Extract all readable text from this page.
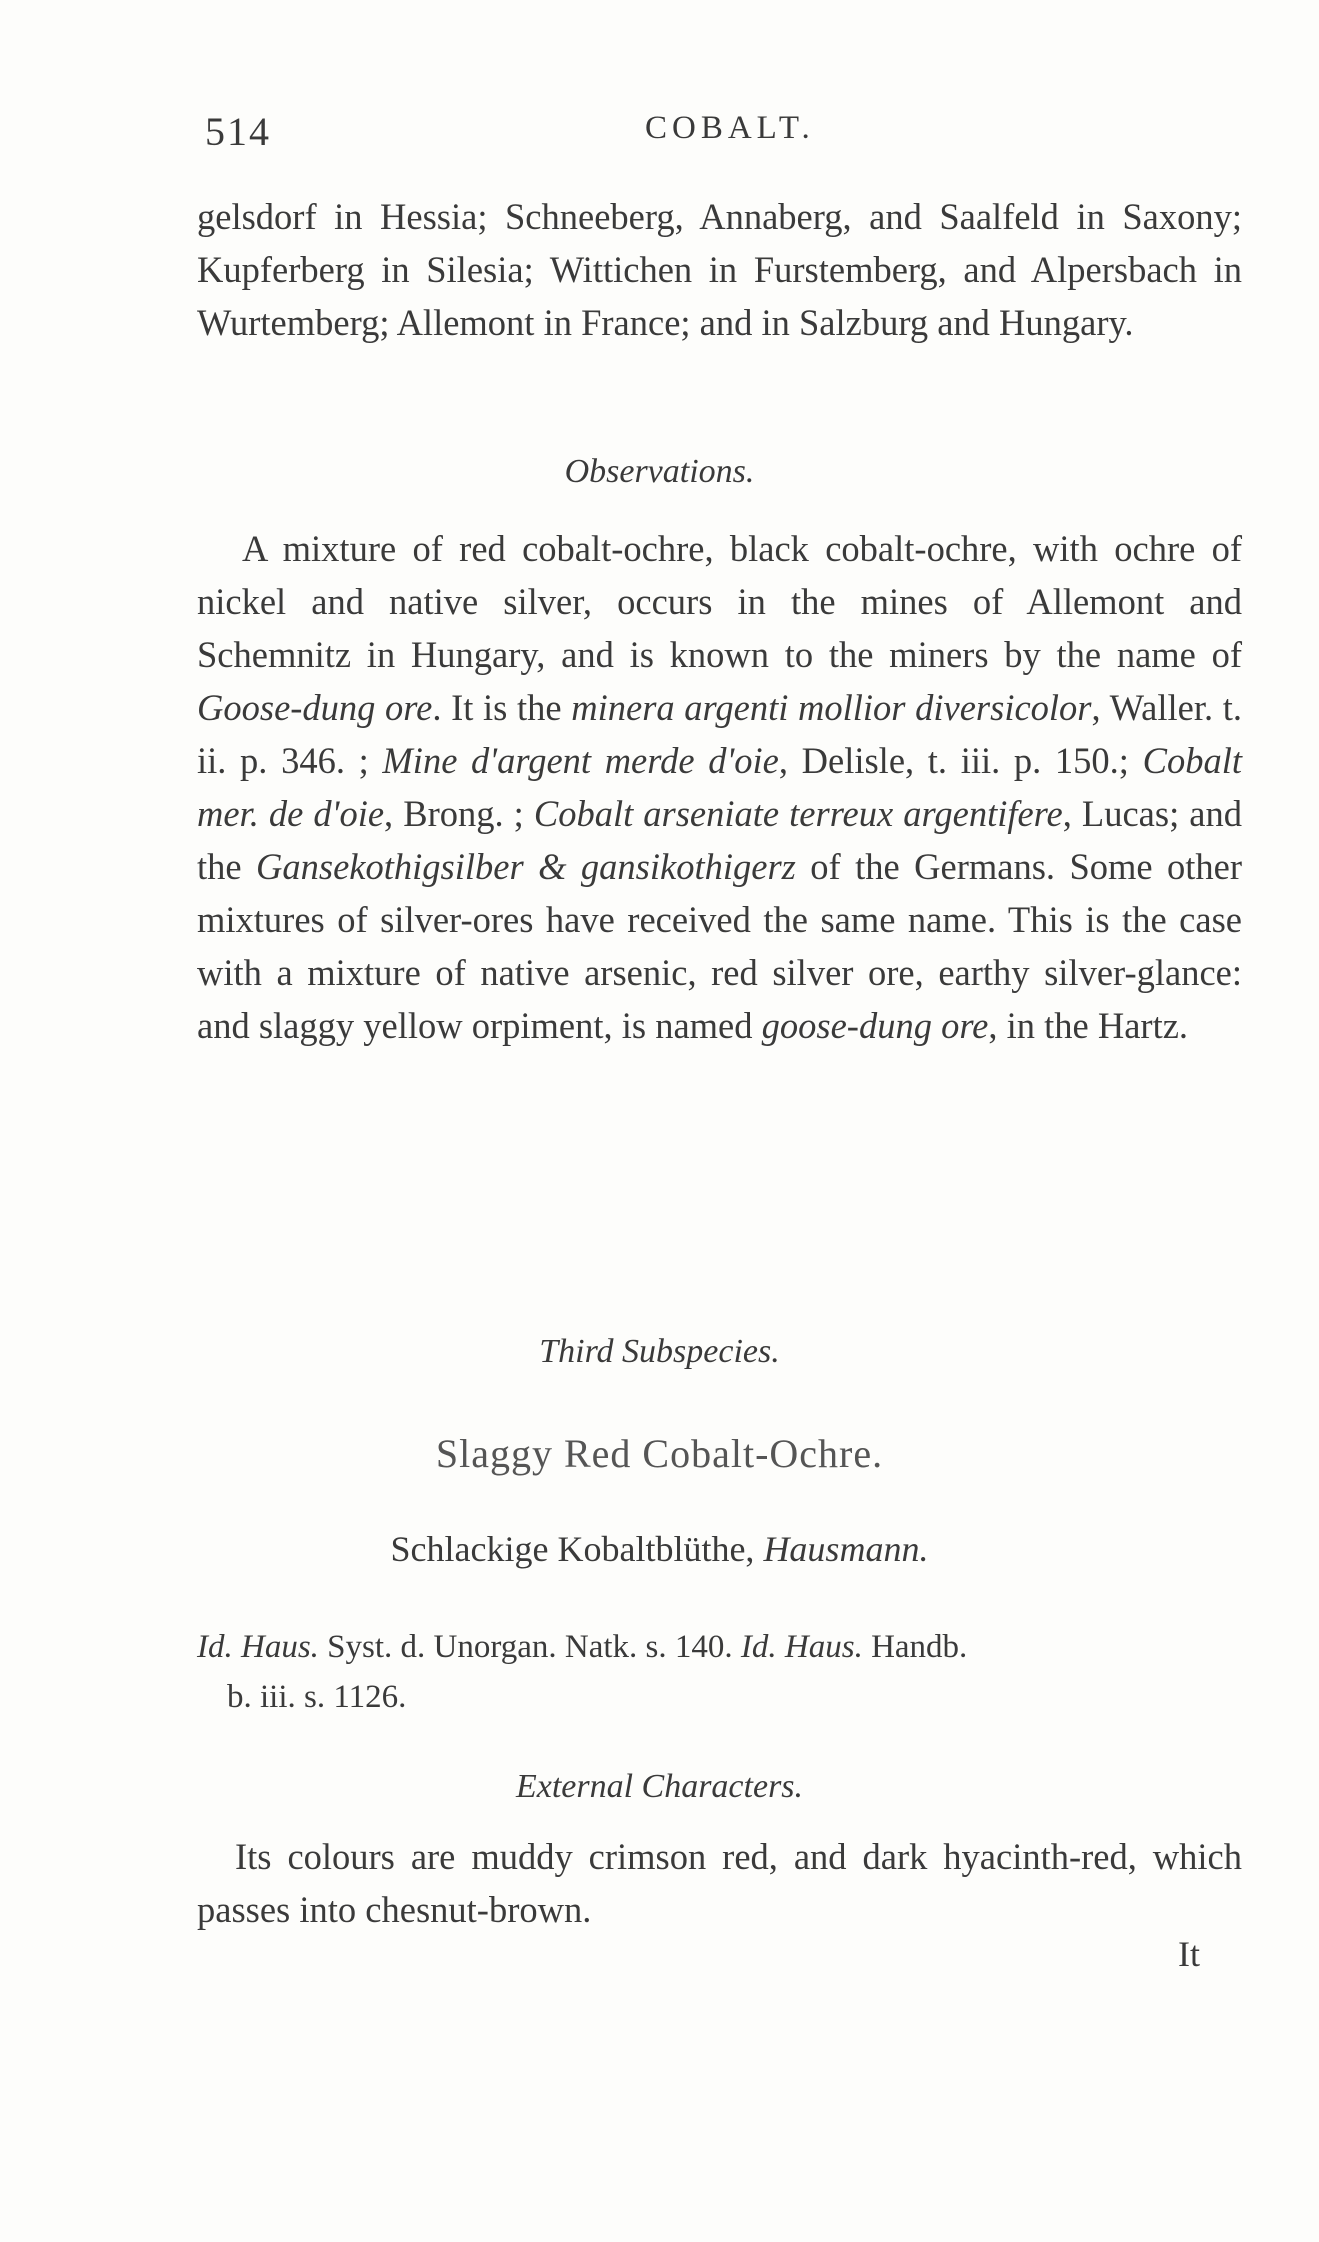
514	COBALT.

gelsdorf in Hessia; Schneeberg, Annaberg, and Saalfeld in Saxony; Kupferberg in Silesia; Wittichen in Furstemberg, and Alpersbach in Wurtemberg; Allemont in France; and in Salzburg and Hungary.

Observations.

A mixture of red cobalt-ochre, black cobalt-ochre, with ochre of nickel and native silver, occurs in the mines of Allemont and Schemnitz in Hungary, and is known to the miners by the name of Goose-dung ore. It is the minera argenti mollior diversicolor, Waller. t. ii. p. 346. ; Mine d'argent merde d'oie, Delisle, t. iii. p. 150.; Cobalt mer. de d'oie, Brong. ; Cobalt arseniate terreux argentifere, Lucas; and the Gansekothigsilber & gansikothigerz of the Germans. Some other mixtures of silver-ores have received the same name. This is the case with a mixture of native arsenic, red silver ore, earthy silver-glance: and slaggy yellow orpiment, is named goose-dung ore, in the Hartz.

Third Subspecies.

Slaggy Red Cobalt-Ochre.

Schlackige Kobaltblüthe, Hausmann.

Id. Haus. Syst. d. Unorgan. Natk. s. 140. Id. Haus. Handb.

b. iii. s. 1126.

External Characters.

Its colours are muddy crimson red, and dark hyacinth-red, which passes into chesnut-brown.

It
